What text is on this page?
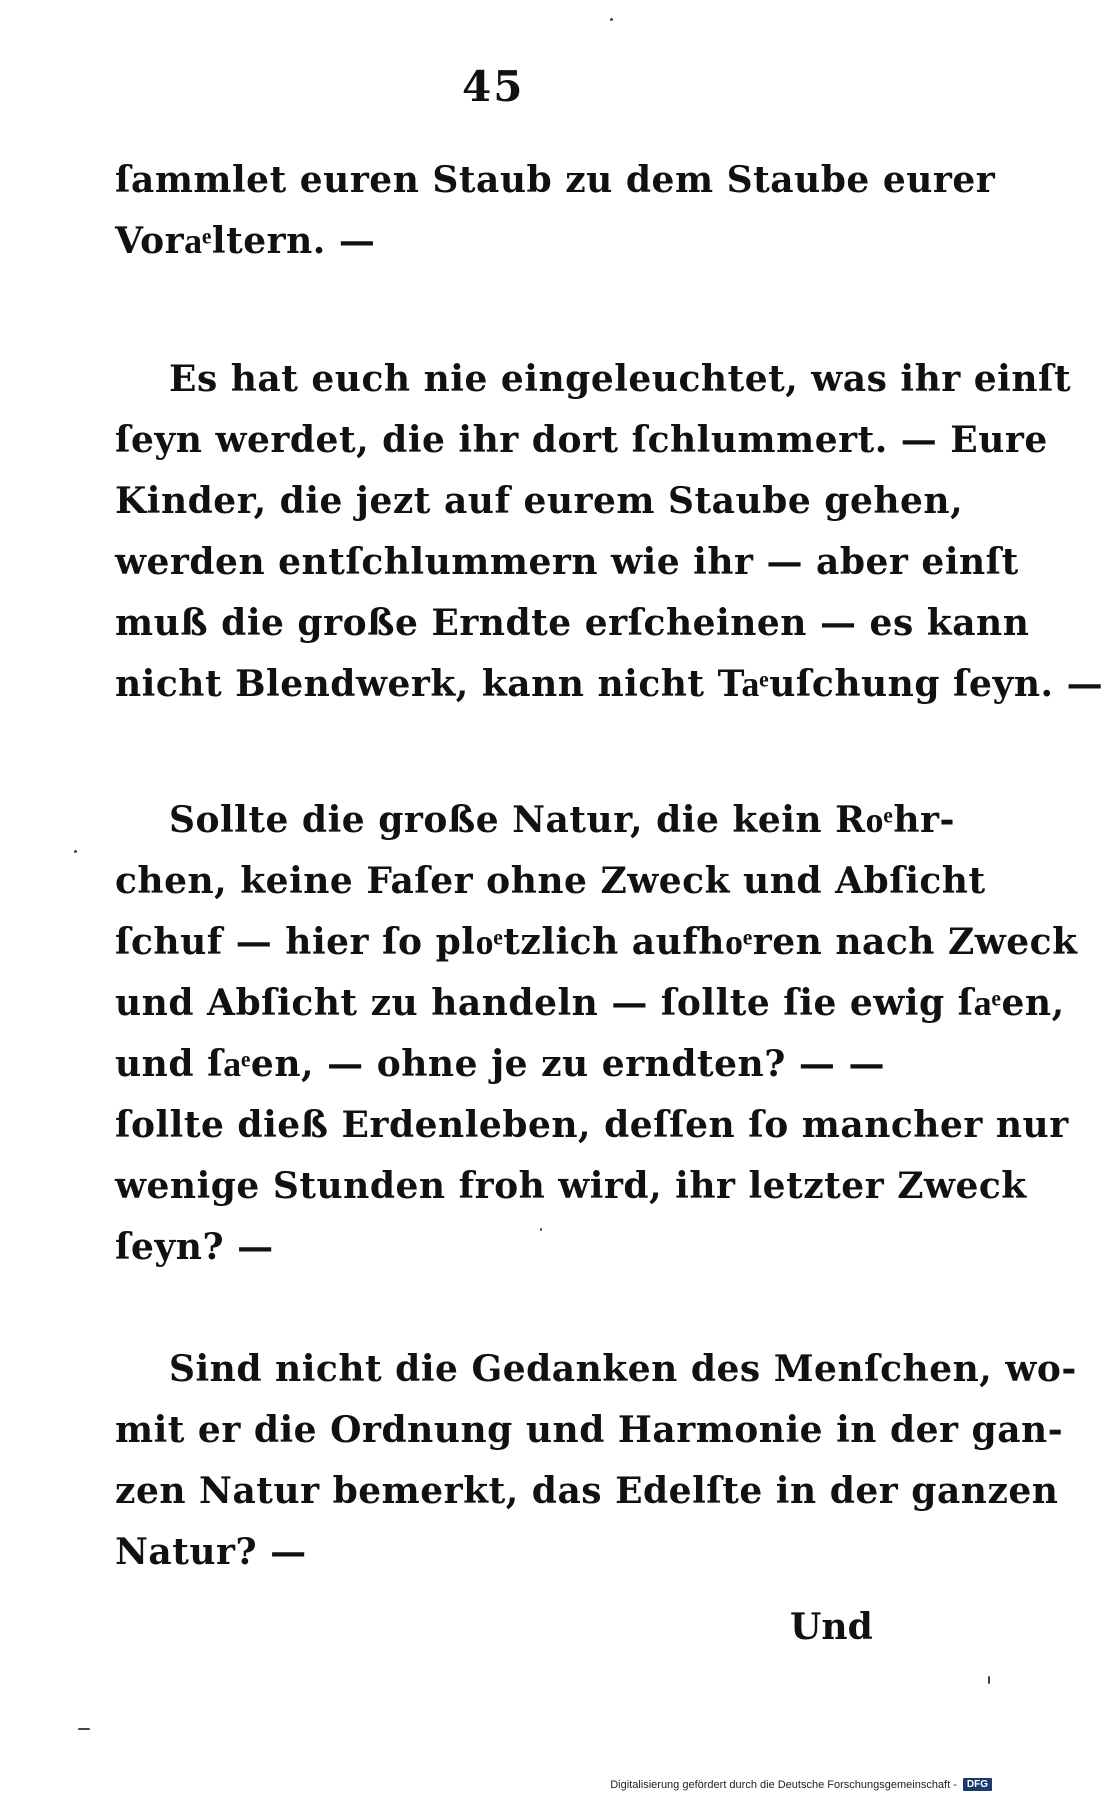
45
ſammlet euren Staub zu dem Staube eurer
Voraͤltern. —
Es hat euch nie eingeleuchtet, was ihr einſt
ſeyn werdet, die ihr dort ſchlummert. — Eure
Kinder, die jezt auf eurem Staube gehen,
werden entſchlummern wie ihr — aber einſt
muß die große Erndte erſcheinen — es kann
nicht Blendwerk, kann nicht Taͤuſchung ſeyn. —
Sollte die große Natur, die kein Roͤhr-
chen, keine Faſer ohne Zweck und Abſicht
ſchuf — hier ſo ploͤtzlich aufhoͤren nach Zweck
und Abſicht zu handeln — ſollte ſie ewig ſaͤen,
und ſaͤen, — ohne je zu erndten? — —
ſollte dieß Erdenleben, deſſen ſo mancher nur
wenige Stunden froh wird, ihr letzter Zweck
ſeyn? —
Sind nicht die Gedanken des Menſchen, wo-
mit er die Ordnung und Harmonie in der gan-
zen Natur bemerkt, das Edelſte in der ganzen
Natur? —
Und
Digitalisierung gefördert durch die Deutsche Forschungsgemeinschaft -	DFG
